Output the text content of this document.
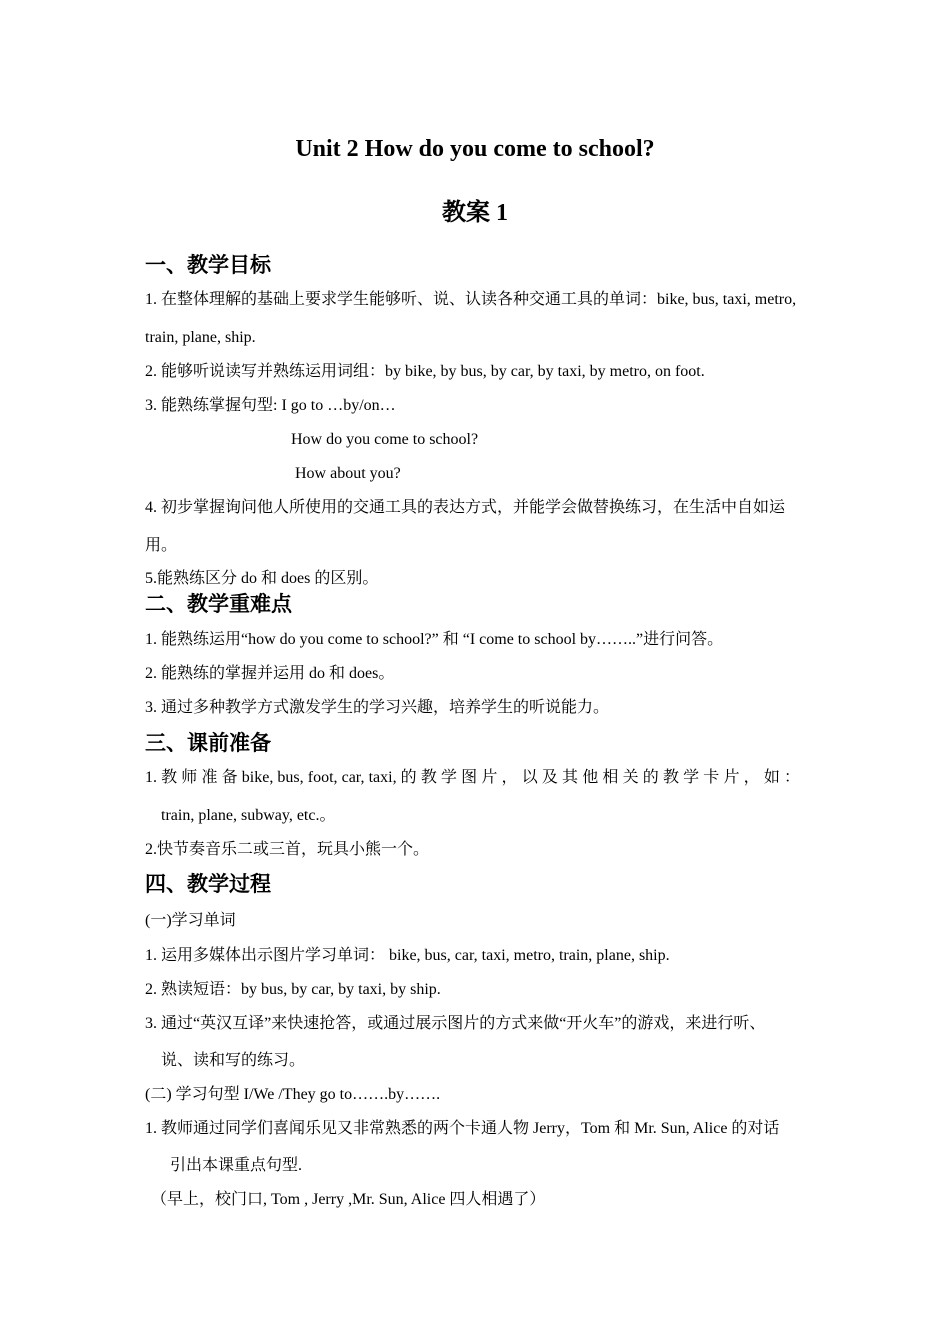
Unit 2 How do you come to school?
教案 1
一、教学目标
1. 在整体理解的基础上要求学生能够听、说、认读各种交通工具的单词：bike, bus, taxi, metro,
train, plane, ship.
2. 能够听说读写并熟练运用词组：by bike, by bus, by car, by taxi, by metro, on foot.
3. 能熟练掌握句型: I go to …by/on…
How do you come to school?
How about you?
4. 初步掌握询问他人所使用的交通工具的表达方式，并能学会做替换练习，在生活中自如运
用。
5.能熟练区分 do 和 does 的区别。
二、教学重难点
1. 能熟练运用“how do you come to school?” 和 “I come to school by……..”进行问答。
2. 能熟练的掌握并运用 do 和 does。
3. 通过多种教学方式激发学生的学习兴趣，培养学生的听说能力。
三、课前准备
1. 教 师 准 备 bike, bus, foot, car, taxi, 的 教 学 图 片 ， 以 及 其 他 相 关 的 教 学 卡 片 ， 如 ：
train, plane, subway, etc.。
2.快节奏音乐二或三首，玩具小熊一个。
四、教学过程
(一)学习单词
1. 运用多媒体出示图片学习单词： bike, bus, car, taxi, metro, train, plane, ship.
2. 熟读短语：by bus, by car, by taxi, by ship.
3. 通过“英汉互译”来快速抢答，或通过展示图片的方式来做“开火车”的游戏，来进行听、
说、读和写的练习。
(二) 学习句型 I/We /They go to…….by…….
1. 教师通过同学们喜闻乐见又非常熟悉的两个卡通人物 Jerry，Tom 和 Mr. Sun, Alice 的对话
引出本课重点句型.
（早上，校门口, Tom , Jerry ,Mr. Sun, Alice 四人相遇了）
